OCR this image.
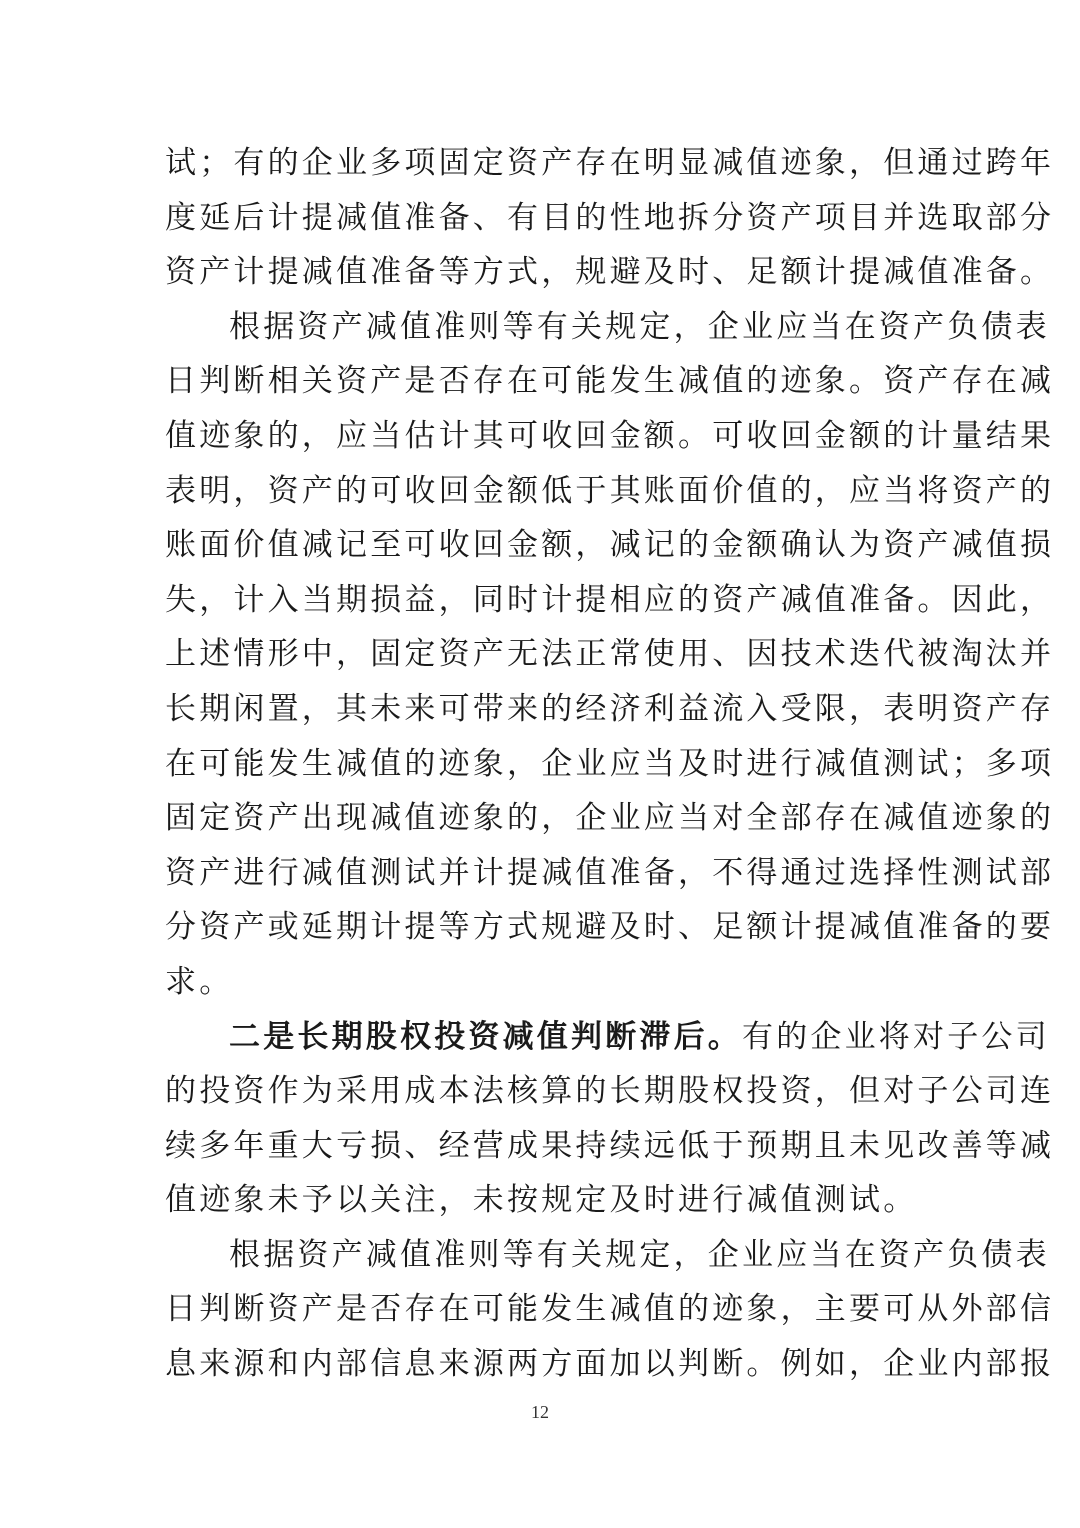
试；有的企业多项固定资产存在明显减值迹象，但通过跨年
度延后计提减值准备、有目的性地拆分资产项目并选取部分
资产计提减值准备等方式，规避及时、足额计提减值准备。
根据资产减值准则等有关规定，企业应当在资产负债表
日判断相关资产是否存在可能发生减值的迹象。资产存在减
值迹象的，应当估计其可收回金额。可收回金额的计量结果
表明，资产的可收回金额低于其账面价值的，应当将资产的
账面价值减记至可收回金额，减记的金额确认为资产减值损
失，计入当期损益，同时计提相应的资产减值准备。因此，
上述情形中，固定资产无法正常使用、因技术迭代被淘汰并
长期闲置，其未来可带来的经济利益流入受限，表明资产存
在可能发生减值的迹象，企业应当及时进行减值测试；多项
固定资产出现减值迹象的，企业应当对全部存在减值迹象的
资产进行减值测试并计提减值准备，不得通过选择性测试部
分资产或延期计提等方式规避及时、足额计提减值准备的要
求。
二是长期股权投资减值判断滞后。有的企业将对子公司
的投资作为采用成本法核算的长期股权投资，但对子公司连
续多年重大亏损、经营成果持续远低于预期且未见改善等减
值迹象未予以关注，未按规定及时进行减值测试。
根据资产减值准则等有关规定，企业应当在资产负债表
日判断资产是否存在可能发生减值的迹象，主要可从外部信
息来源和内部信息来源两方面加以判断。例如，企业内部报
12
